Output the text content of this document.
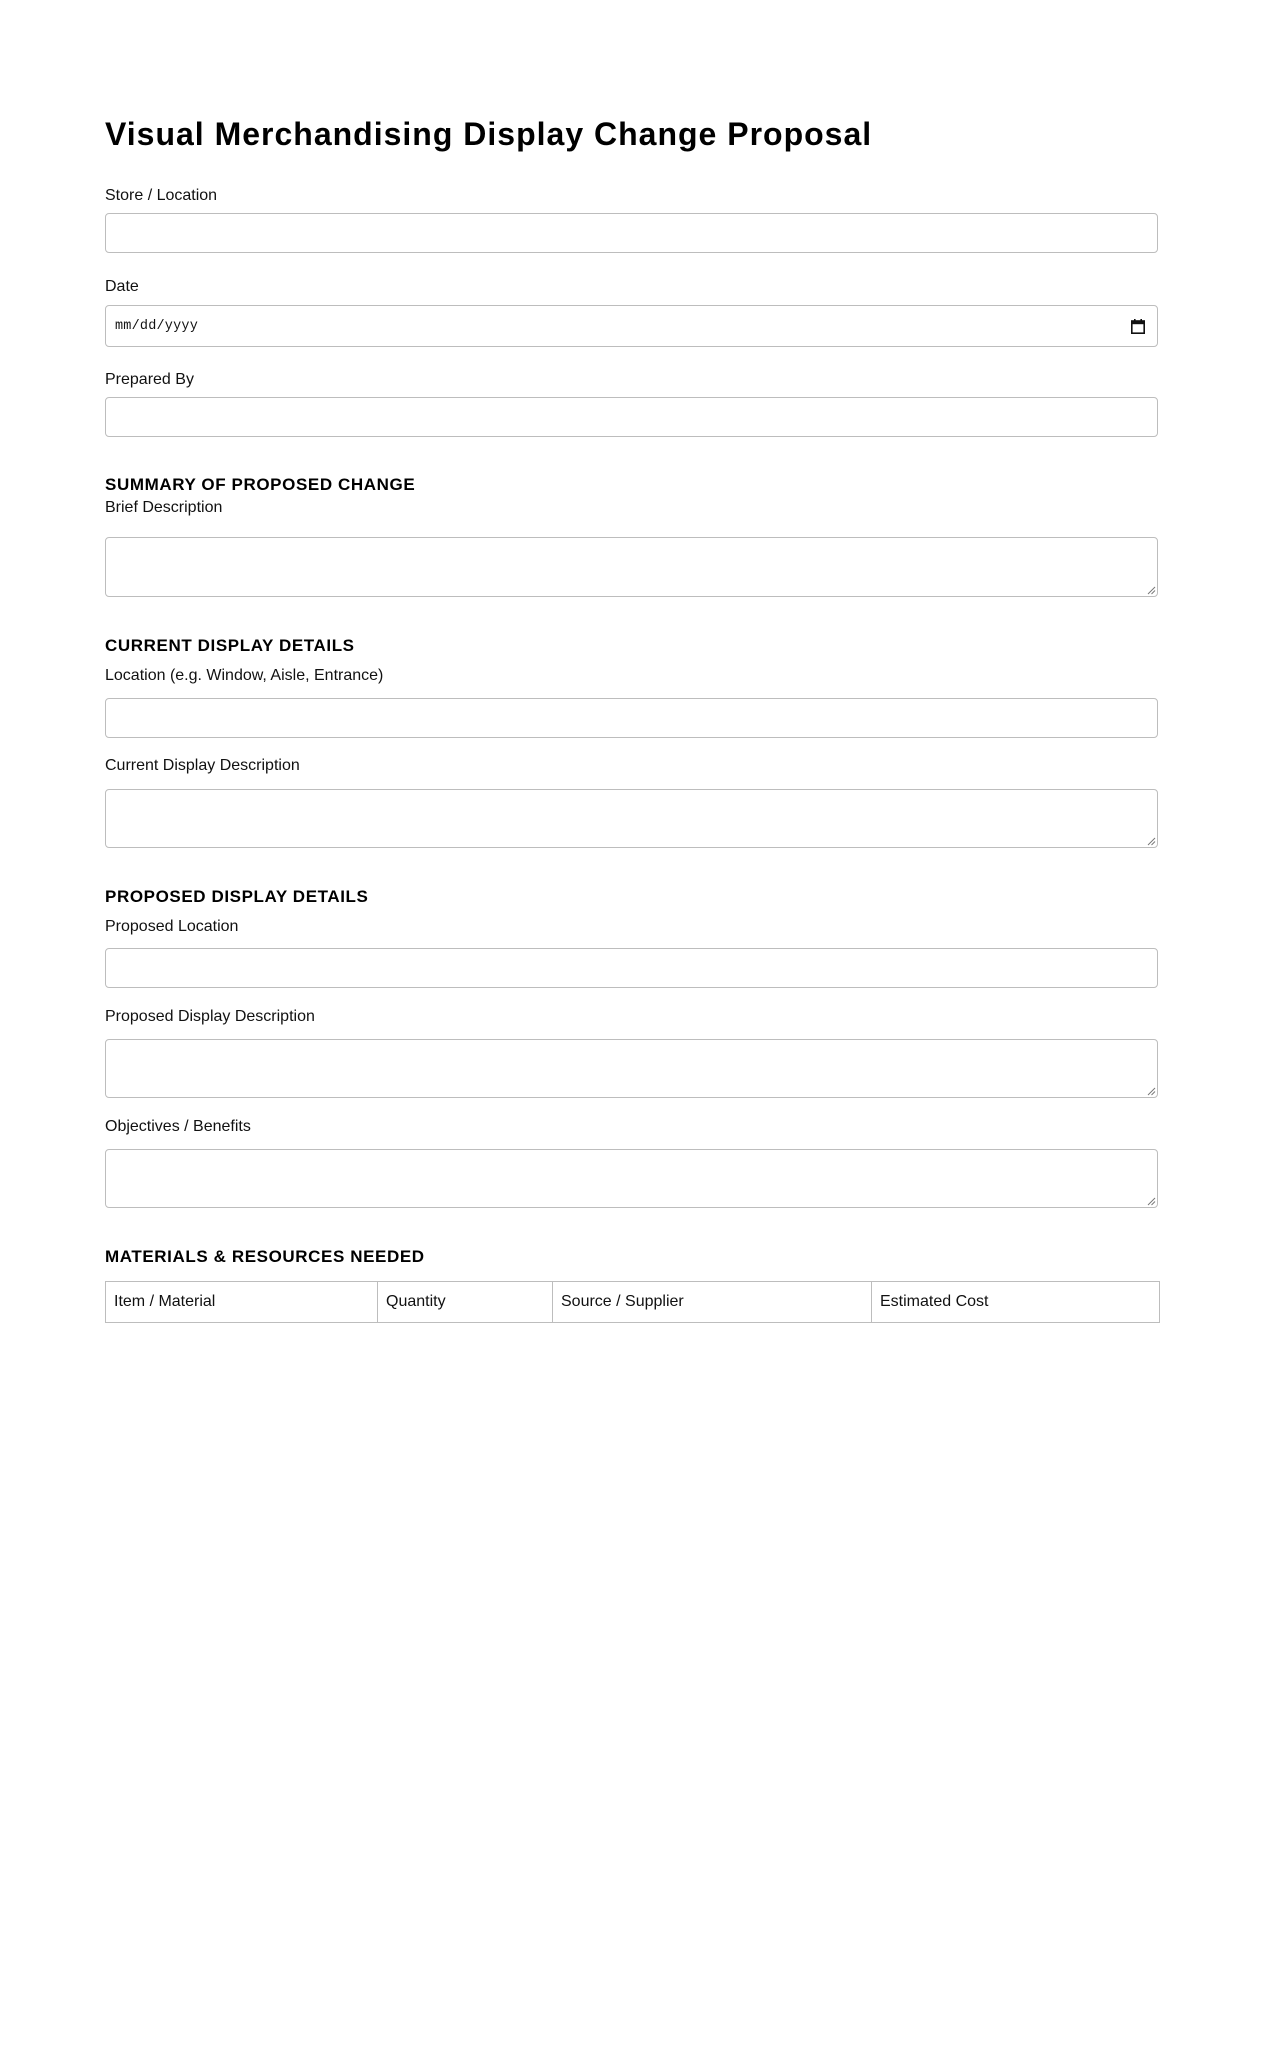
Visual Merchandising Display Change Proposal
Store / Location
Date
mm/dd/yyyy
Prepared By
SUMMARY OF PROPOSED CHANGE
Brief Description
CURRENT DISPLAY DETAILS
Location (e.g. Window, Aisle, Entrance)
Current Display Description
PROPOSED DISPLAY DETAILS
Proposed Location
Proposed Display Description
Objectives / Benefits
MATERIALS & RESOURCES NEEDED
Item / Material	Quantity	Source / Supplier	Estimated Cost
